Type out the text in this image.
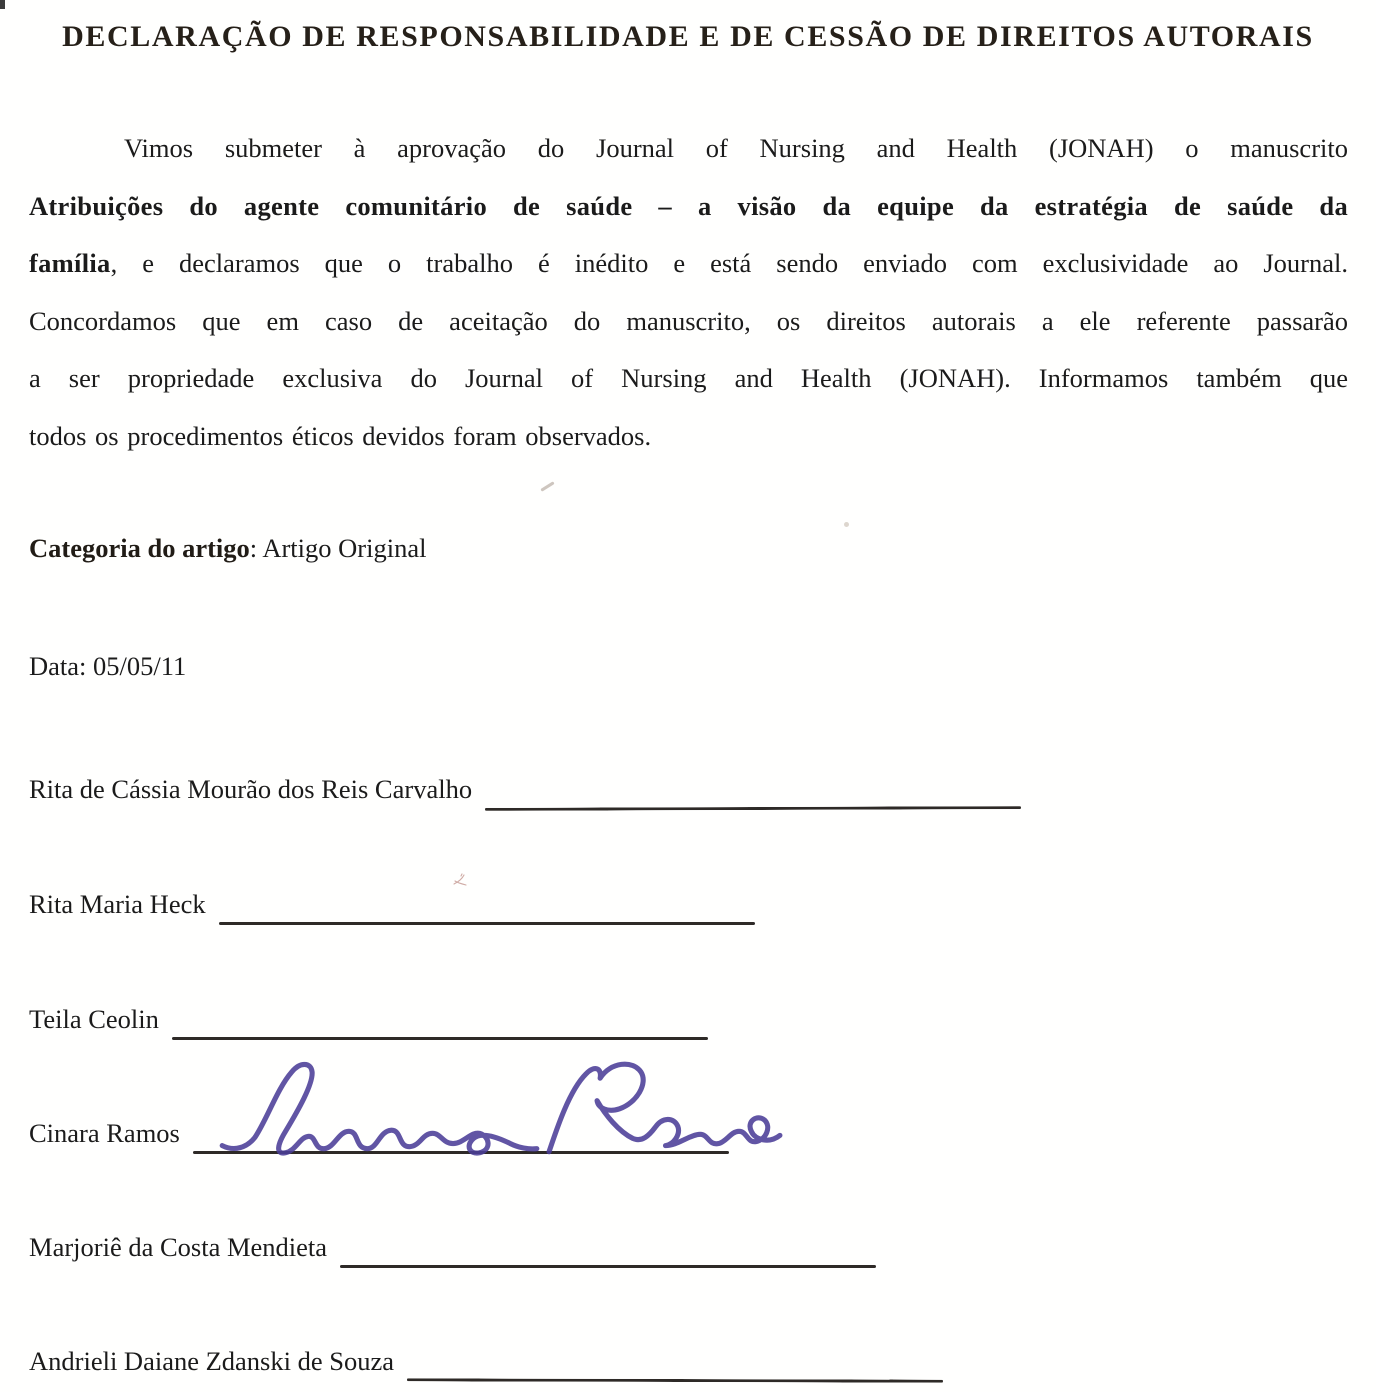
DECLARAÇÃO DE RESPONSABILIDADE E DE CESSÃO DE DIREITOS AUTORAIS
Vimos submeter à aprovação do Journal of Nursing and Health (JONAH) o manuscrito
Atribuições do agente comunitário de saúde – a visão da equipe da estratégia de saúde da
família, e declaramos que o trabalho é inédito e está sendo enviado com exclusividade ao Journal.
Concordamos que em caso de aceitação do manuscrito, os direitos autorais a ele referente passarão
a ser propriedade exclusiva do Journal of Nursing and Health (JONAH). Informamos também que
todos os procedimentos éticos devidos foram observados.
Categoria do artigo: Artigo Original
Data: 05/05/11
Rita de Cássia Mourão dos Reis Carvalho
Rita Maria Heck
Teila Ceolin
Cinara Ramos
Marjoriê da Costa Mendieta
Andrieli Daiane Zdanski de Souza
